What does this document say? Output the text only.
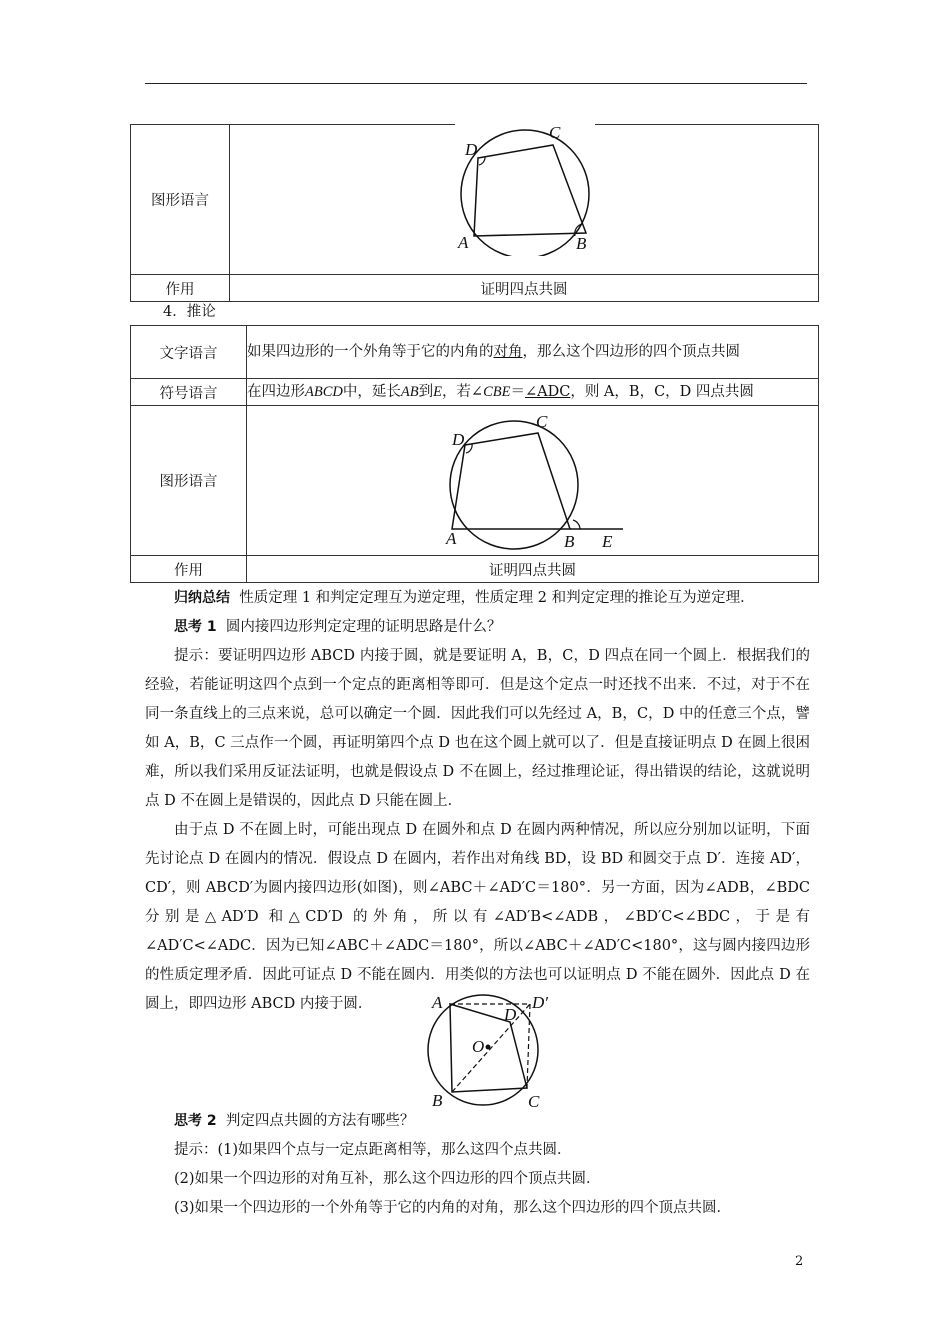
图形语言	
作用	证明四点共圆
D
C
A	B
4．推论
文字语言	如果四边形的一个外角等于它的内角的对角，那么这个四边形的四个顶点共圆
符号语言	在四边形ABCD中，延长AB到E，若∠CBE＝∠ADC，则 A，B，C，D 四点共圆
图形语言	D
C
A B E

作用	证明四点共圆

归纳总结 性质定理 1 和判定定理互为逆定理，性质定理 2 和判定定理的推论互为逆定理．

思考 1 圆内接四边形判定定理的证明思路是什么？

提示：要证明四边形 ABCD 内接于圆，就是要证明 A，B，C，D 四点在同一个圆上．根据我们的经验，若能证明这四个点到一个定点的距离相等即可．但是这个定点一时还找不出来．不过，对于不在同一条直线上的三点来说，总可以确定一个圆．因此我们可以先经过 A，B，C，D 中的任意三个点，譬如 A，B，C 三点作一个圆，再证明第四个点 D 也在这个圆上就可以了．但是直接证明点 D 在圆上很困难，所以我们采用反证法证明，也就是假设点 D 不在圆上，经过推理论证，得出错误的结论，这就说明点 D 不在圆上是错误的，因此点 D 只能在圆上．

由于点 D 不在圆上时，可能出现点 D 在圆外和点 D 在圆内两种情况，所以应分别加以证明，下面先讨论点 D 在圆内的情况．假设点 D 在圆内，若作出对角线 BD，设 BD 和圆交于点 D′．连接 AD′，CD′，则 ABCD′为圆内接四边形(如图)，则∠ABC＋∠AD′C＝180°．另一方面，因为∠ADB，∠BDC 分别是△AD′D 和△CD′D 的外角，所以有∠AD′B<∠ADB，∠BD′C<∠BDC，于是有∠AD′C<∠ADC．因为已知∠ABC＋∠ADC＝180°，所以∠ABC＋∠AD′C<180°，这与圆内接四边形的性质定理矛盾．因此可证点 D 不能在圆内．用类似的方法也可以证明点 D 不能在圆外．因此点 D 在圆上，即四边形 ABCD 内接于圆．	A	D′
D
O
B	C

思考 2 判定四点共圆的方法有哪些？

提示：(1)如果四个点与一定点距离相等，那么这四个点共圆．

(2)如果一个四边形的对角互补，那么这个四边形的四个顶点共圆．

(3)如果一个四边形的一个外角等于它的内角的对角，那么这个四边形的四个顶点共圆．

2
